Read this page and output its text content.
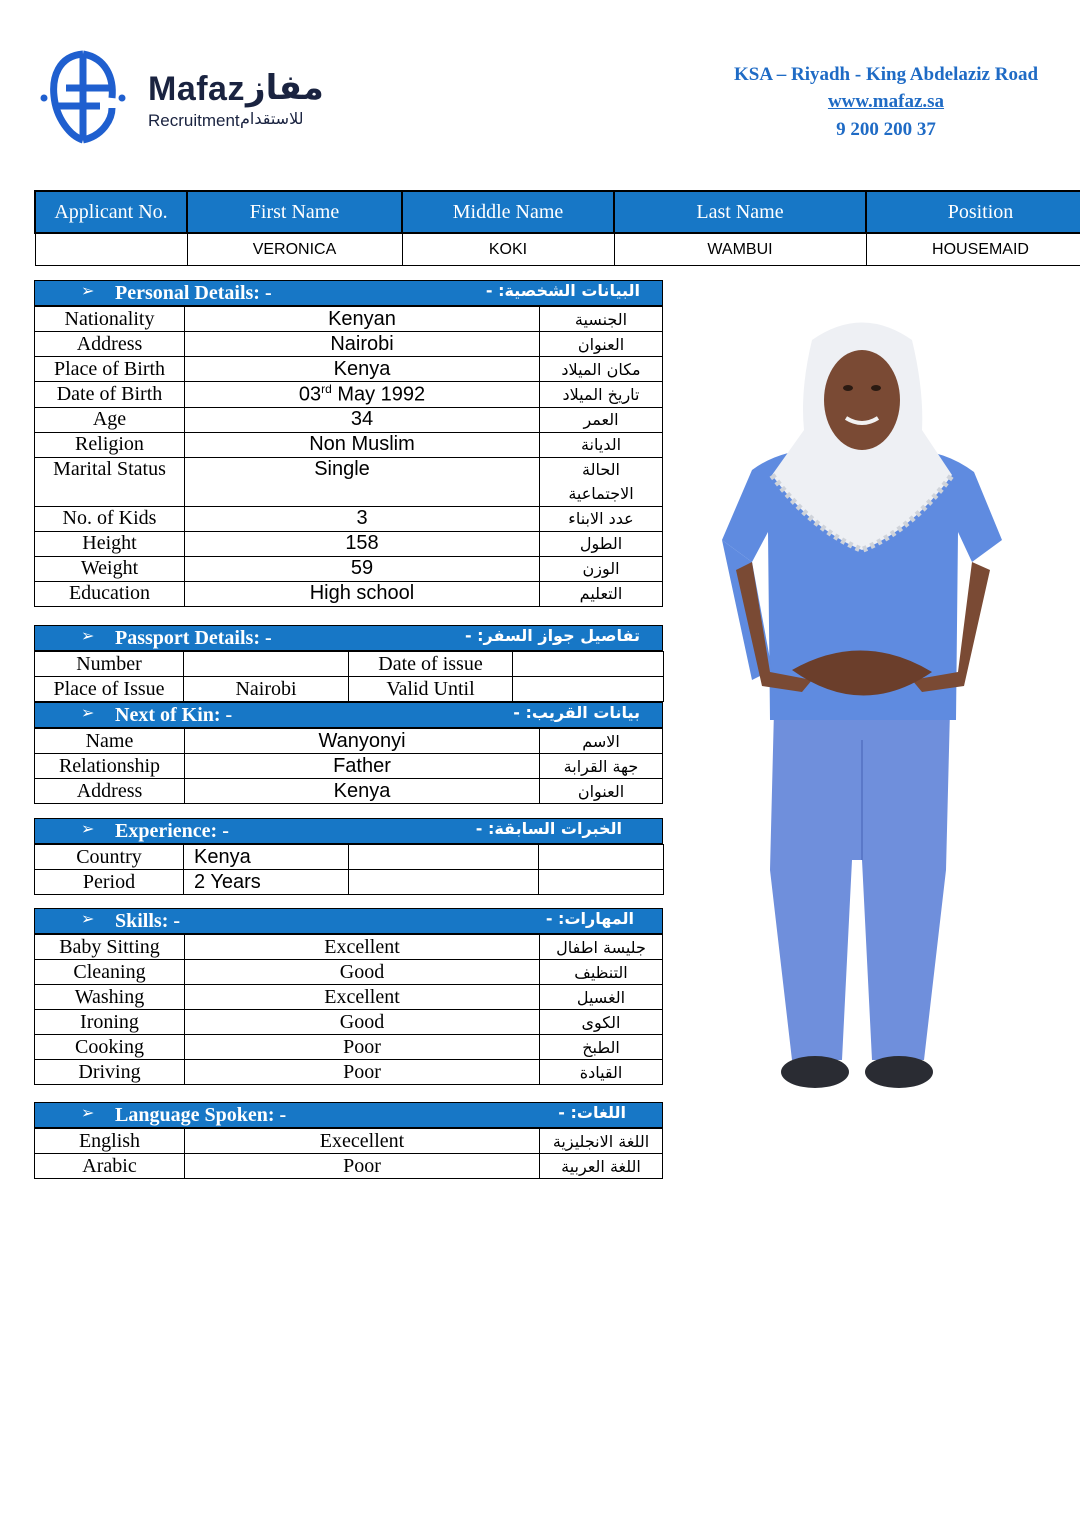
Mafaz مفاز
Recruitment للاستقدام
KSA – Riyadh - King Abdelaziz Road
www.mafaz.sa
9 200 200 37
Applicant No.	First Name	Middle Name	Last Name	Position
	VERONICA	KOKI	WAMBUI	HOUSEMAID
➢ Personal Details: -	البيانات الشخصية: -
Nationality	Kenyan	الجنسية
Address	Nairobi	العنوان
Place of Birth	Kenya	مكان الميلاد
Date of Birth	03rd May 1992	تاريخ الميلاد
Age	34	العمر
Religion	Non Muslim	الديانة
Marital Status	Single	الحالة الاجتماعية
No. of Kids	3	عدد الابناء
Height	158	الطول
Weight	59	الوزن
Education	High school	التعليم
➢ Passport Details: -	تفاصيل جواز السفر: -
Number		Date of issue	
Place of Issue	Nairobi	Valid Until	
➢ Next of Kin: -	بيانات القريب: -
Name	Wanyonyi	الاسم
Relationship	Father	جهة القرابة
Address	Kenya	العنوان
➢ Experience: -	الخبرات السابقة: -
Country	Kenya		
Period	2 Years		
➢ Skills: -	المهارات: -
Baby Sitting	Excellent	جليسة اطفال
Cleaning	Good	التنظيف
Washing	Excellent	الغسيل
Ironing	Good	الكوى
Cooking	Poor	الطبخ
Driving	Poor	القيادة
➢ Language Spoken: -	اللغات: -
English	Execellent	اللغة الانجليزية
Arabic	Poor	اللغة العربية
